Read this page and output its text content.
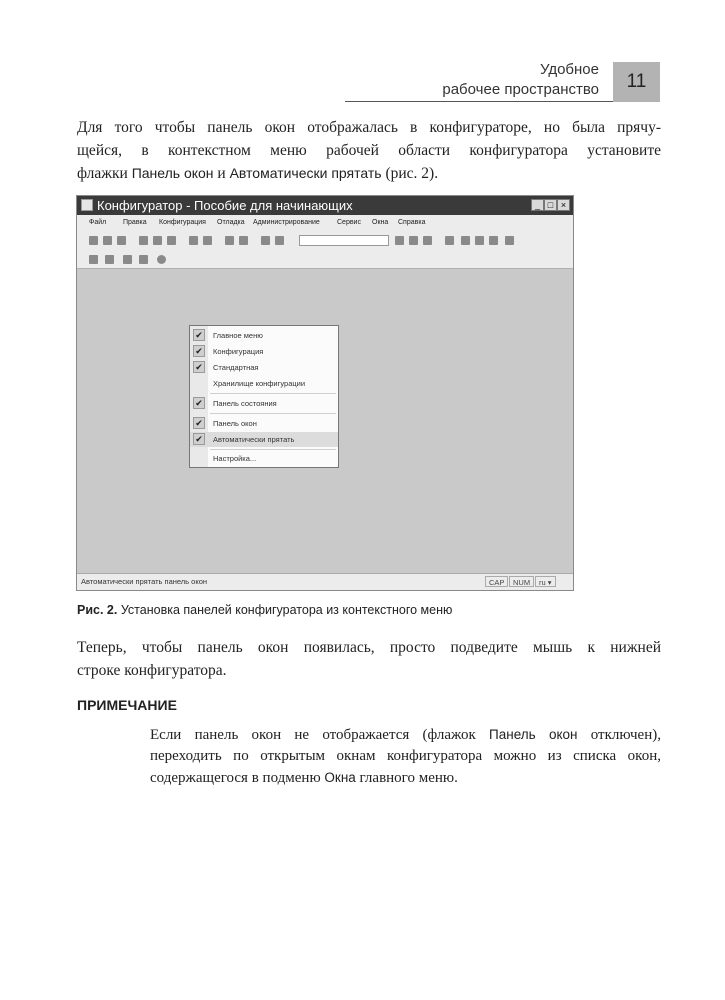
Удобное
рабочее пространство	11
Для того чтобы панель окон отображалась в конфигураторе, но была прячу-
щейся, в контекстном меню рабочей области конфигуратора установите
флажки Панель окон и Автоматически прятать (рис. 2).
Конфигуратор - Пособие для начинающих	_ □ ×
Файл Правка Конфигурация Отладка Администрирование Сервис Окна Справка
✔ Главное меню
✔ Конфигурация
✔ Стандартная
Хранилище конфигурации
✔ Панель состояния
✔ Панель окон
✔ Автоматически прятать
Настройка...
Автоматически прятать панель окон	CAP	NUM	ru ▾
Рис. 2. Установка панелей конфигуратора из контекстного меню
Теперь, чтобы панель окон появилась, просто подведите мышь к нижней
строке конфигуратора.
ПРИМЕЧАНИЕ
Если панель окон не отображается (флажок Панель окон отключен),
переходить по открытым окнам конфигуратора можно из списка окон,
содержащегося в подменю Окна главного меню.
